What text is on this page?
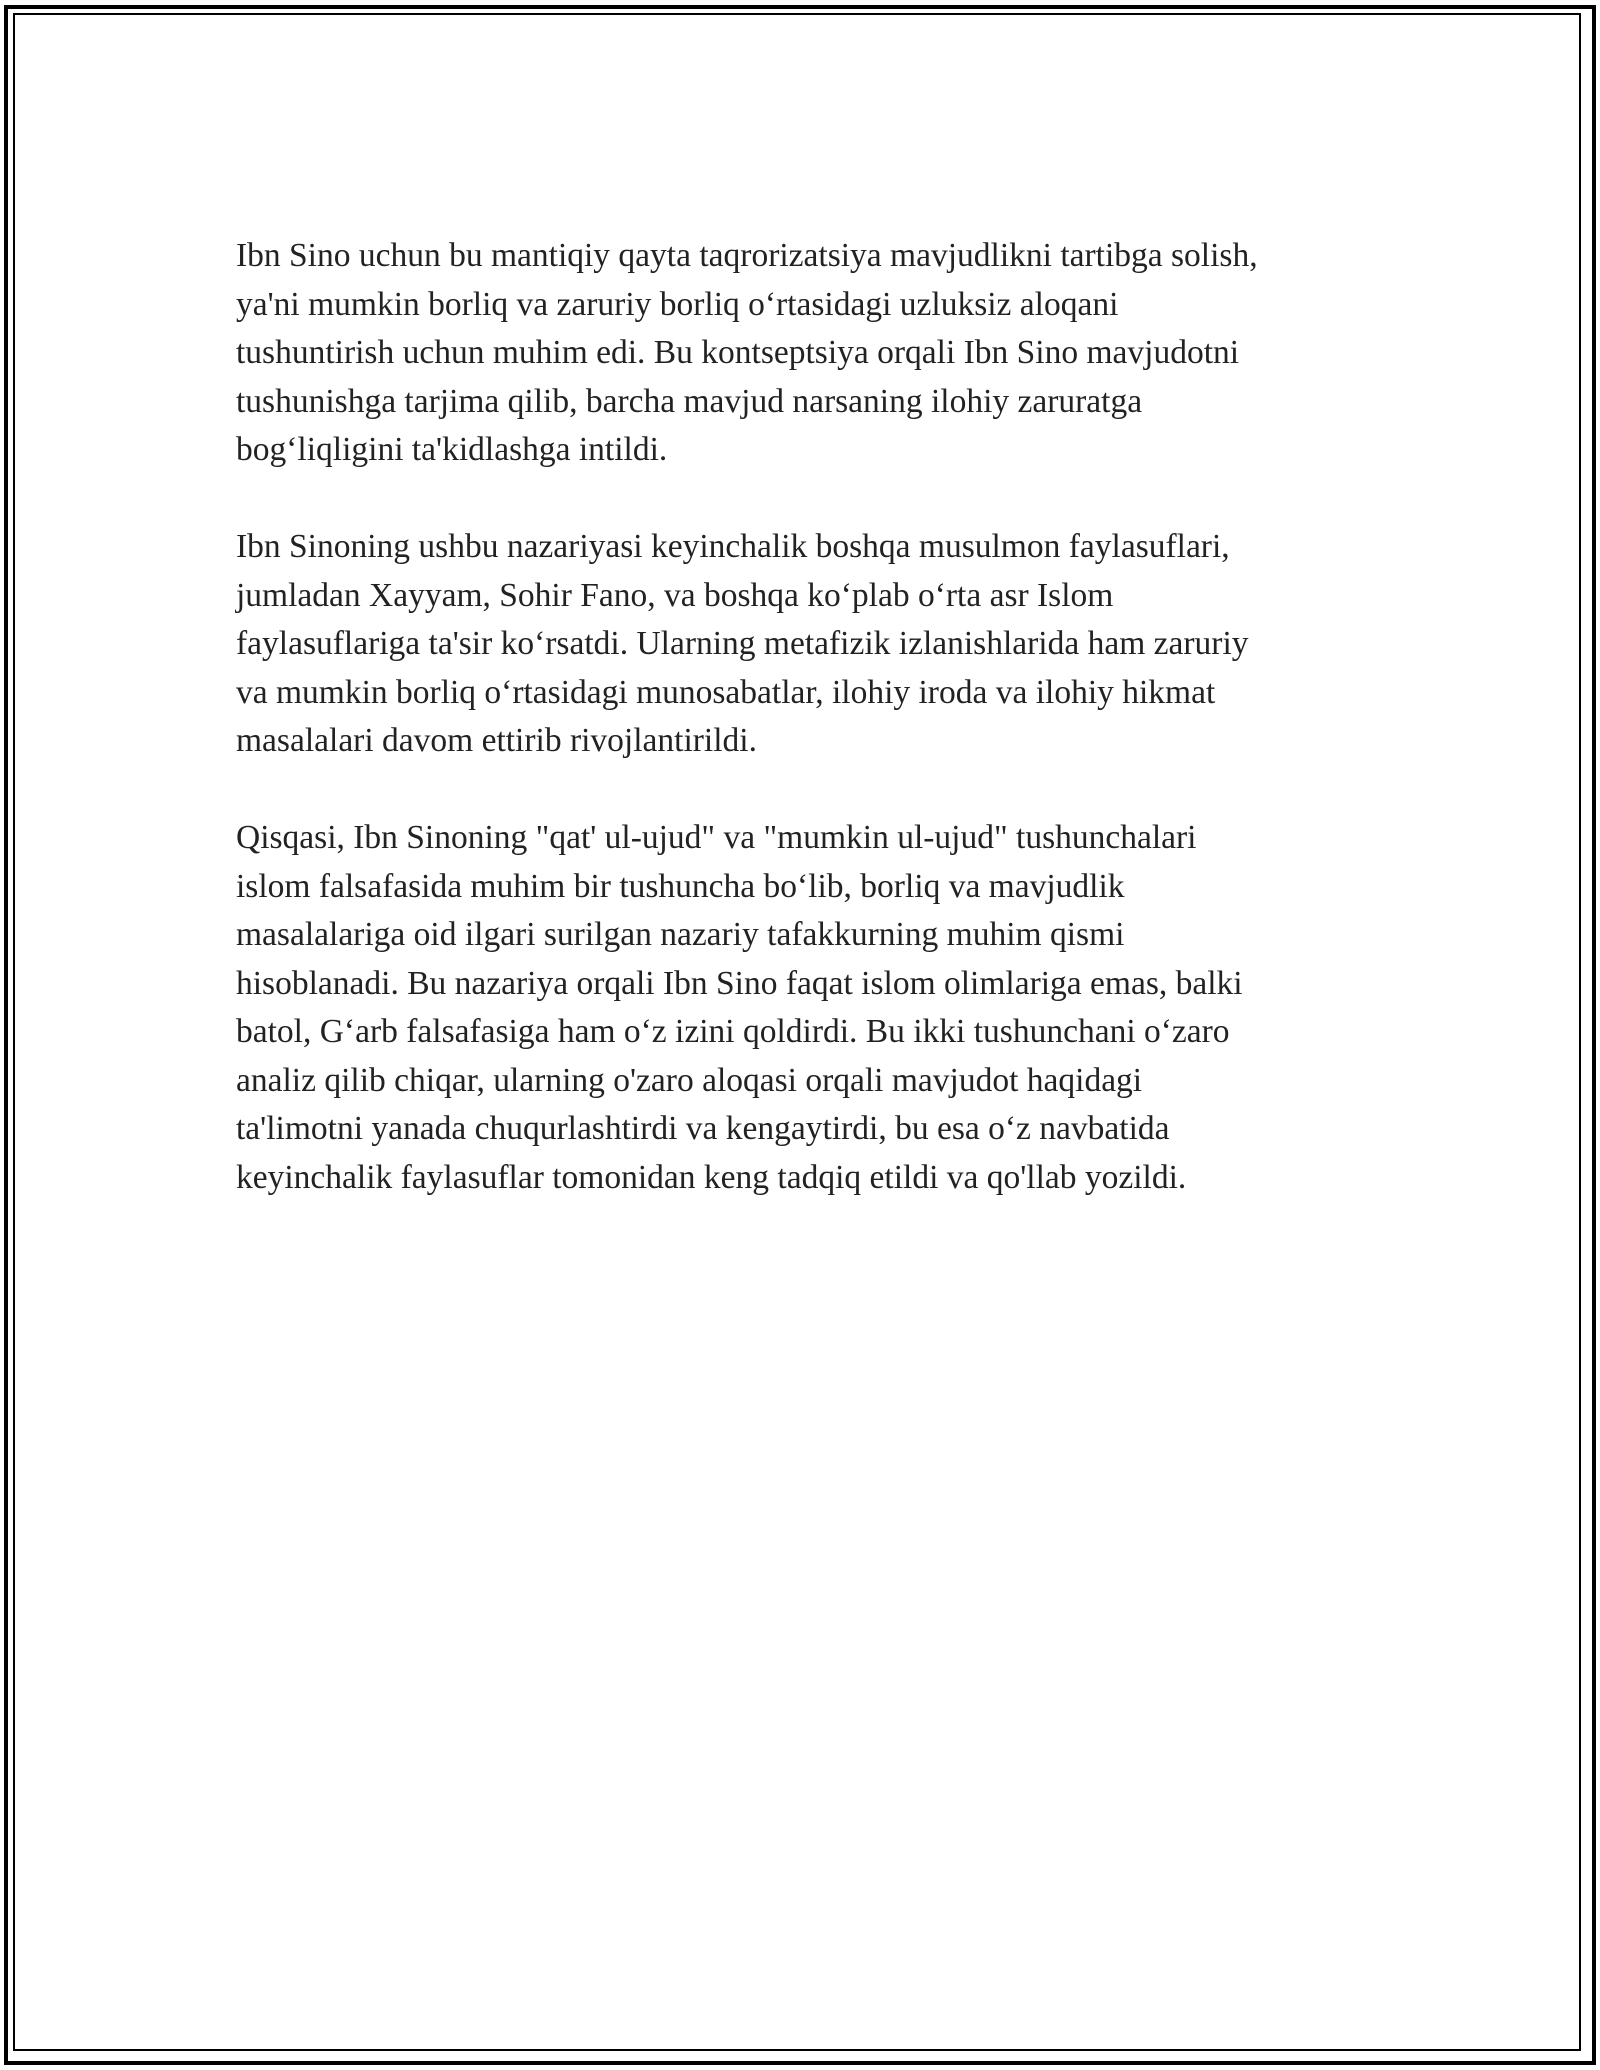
Ibn Sino uchun bu mantiqiy qayta taqrorizatsiya mavjudlikni tartibga solish,
ya'ni mumkin borliq va zaruriy borliq oʻrtasidagi uzluksiz aloqani
tushuntirish uchun muhim edi. Bu kontseptsiya orqali Ibn Sino mavjudotni
tushunishga tarjima qilib, barcha mavjud narsaning ilohiy zaruratga
bogʻliqligini ta'kidlashga intildi.

Ibn Sinoning ushbu nazariyasi keyinchalik boshqa musulmon faylasuflari,
jumladan Xayyam, Sohir Fano, va boshqa koʻplab oʻrta asr Islom
faylasuflariga ta'sir koʻrsatdi. Ularning metafizik izlanishlarida ham zaruriy
va mumkin borliq oʻrtasidagi munosabatlar, ilohiy iroda va ilohiy hikmat
masalalari davom ettirib rivojlantirildi.

Qisqasi, Ibn Sinoning "qat' ul-ujud" va "mumkin ul-ujud" tushunchalari
islom falsafasida muhim bir tushuncha boʻlib, borliq va mavjudlik
masalalariga oid ilgari surilgan nazariy tafakkurning muhim qismi
hisoblanadi. Bu nazariya orqali Ibn Sino faqat islom olimlariga emas, balki
batol, Gʻarb falsafasiga ham oʻz izini qoldirdi. Bu ikki tushunchani oʻzaro
analiz qilib chiqar, ularning o'zaro aloqasi orqali mavjudot haqidagi
ta'limotni yanada chuqurlashtirdi va kengaytirdi, bu esa oʻz navbatida
keyinchalik faylasuflar tomonidan keng tadqiq etildi va qo'llab yozildi.
